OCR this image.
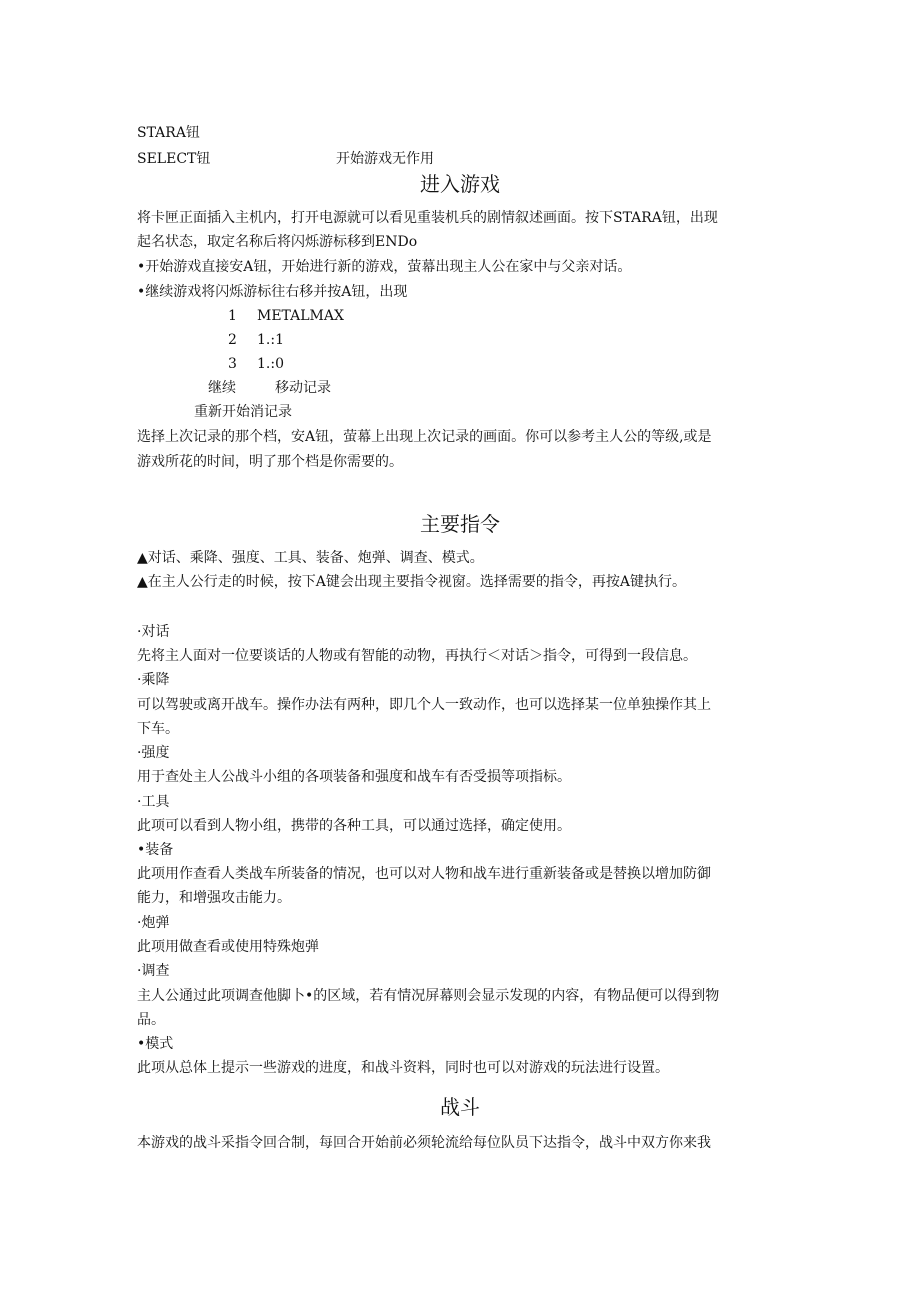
STARA钮
SELECT钮	开始游戏无作用
进入游戏
将卡匣正面插入主机内，打开电源就可以看见重装机兵的剧情叙述画面。按下STARA钮，出现
起名状态，取定名称后将闪烁游标移到ENDo
•开始游戏直接安A钮，开始进行新的游戏，萤幕出现主人公在家中与父亲对话。
•继续游戏将闪烁游标往右移并按A钮，出现
1 METALMAX
2 1.:1
3 1.:0
继续	移动记录
重新开始消记录
选择上次记录的那个档，安A钮，萤幕上出现上次记录的画面。你可以参考主人公的等级,或是
游戏所花的时间，明了那个档是你需要的。
主要指令
▲对话、乘降、强度、工具、装备、炮弹、调查、模式。
▲在主人公行走的时候，按下A键会出现主要指令视窗。选择需要的指令，再按A键执行。
·对话
先将主人面对一位要谈话的人物或有智能的动物，再执行＜对话＞指令，可得到一段信息。
·乘降
可以驾驶或离开战车。操作办法有两种，即几个人一致动作，也可以选择某一位单独操作其上
下车。
·强度
用于查处主人公战斗小组的各项装备和强度和战车有否受损等项指标。
·工具
此项可以看到人物小组，携带的各种工具，可以通过选择，确定使用。
•装备
此项用作查看人类战车所装备的情况，也可以对人物和战车进行重新装备或是替换以增加防御
能力，和增强攻击能力。
·炮弹
此项用做查看或使用特殊炮弹
·调查
主人公通过此项调查他脚卜•的区域，若有情况屏幕则会显示发现的内容，有物品便可以得到物
品。
•模式
此项从总体上提示一些游戏的进度，和战斗资料，同时也可以对游戏的玩法进行设置。
战斗
本游戏的战斗采指令回合制，每回合开始前必须轮流给每位队员下达指令，战斗中双方你来我
